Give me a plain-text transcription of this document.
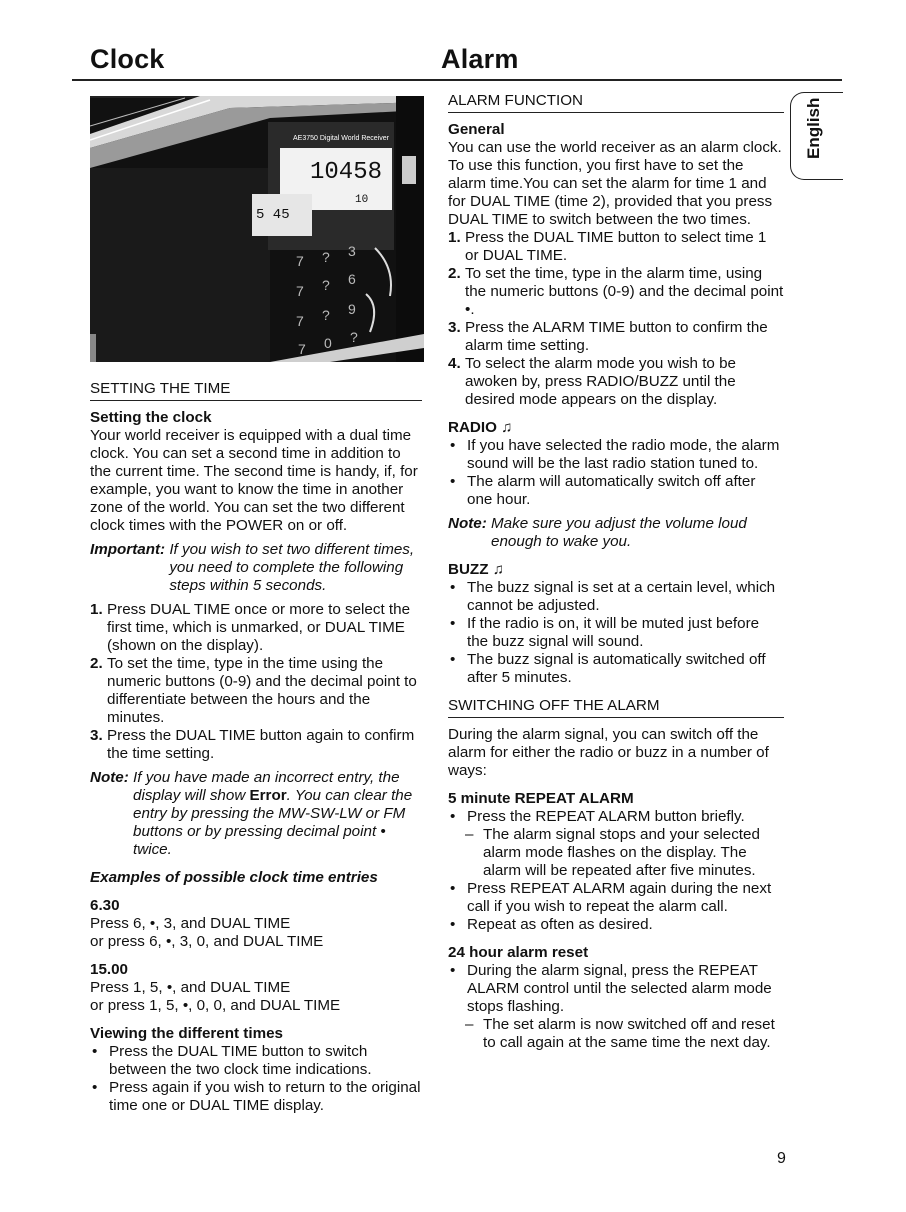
Clock	Alarm
English
AE3750 Digital World Receiver
10458
10
5 45
7 ? 3
7 ? 6
7 ? 9
7 0 ?
SETTING THE TIME

Setting the clock

Your world receiver is equipped with a dual time clock. You can set a second time in addition to the current time. The second time is handy, if, for example, you want to know the time in another zone of the world. You can set the two different clock times with the POWER on or off.

Important: If you wish to set two different times, you need to complete the following steps within 5 seconds.
1. Press DUAL TIME once or more to select the first time, which is unmarked, or DUAL TIME (shown on the display).
2. To set the time, type in the time using the numeric buttons (0-9) and the decimal point to differentiate between the hours and the minutes.
3. Press the DUAL TIME button again to confirm the time setting.
Note: If you have made an incorrect entry, the display will show Error. You can clear the entry by pressing the MW-SW-LW or FM buttons or by pressing decimal point • twice.

Examples of possible clock time entries

6.30

Press 6, •, 3, and DUAL TIME

or press 6, •, 3, 0, and DUAL TIME

15.00

Press 1, 5, •, and DUAL TIME

or press 1, 5, •, 0, 0, and DUAL TIME

Viewing the different times

• Press the DUAL TIME button to switch between the two clock time indications.
• Press again if you wish to return to the original time one or DUAL TIME display.
ALARM FUNCTION

General

You can use the world receiver as an alarm clock. To use this function, you first have to set the alarm time.You can set the alarm for time 1 and for DUAL TIME (time 2), provided that you press DUAL TIME to switch between the two times.

1. Press the DUAL TIME button to select time 1 or DUAL TIME.
2. To set the time, type in the alarm time, using the numeric buttons (0-9) and the decimal point •.
3. Press the ALARM TIME button to confirm the alarm time setting.
4. To select the alarm mode you wish to be awoken by, press RADIO/BUZZ until the desired mode appears on the display.

RADIO ♫

• If you have selected the radio mode, the alarm sound will be the last radio station tuned to.
• The alarm will automatically switch off after one hour.
Note: Make sure you adjust the volume loud enough to wake you.

BUZZ ♫

• The buzz signal is set at a certain level, which cannot be adjusted.
• If the radio is on, it will be muted just before the buzz signal will sound.
• The buzz signal is automatically switched off after 5 minutes.
SWITCHING OFF THE ALARM

During the alarm signal, you can switch off the alarm for either the radio or buzz in a number of ways:

5 minute REPEAT ALARM

• Press the REPEAT ALARM button briefly.
– The alarm signal stops and your selected alarm mode flashes on the display. The alarm will be repeated after five minutes.
• Press REPEAT ALARM again during the next call if you wish to repeat the alarm call.
• Repeat as often as desired.

24 hour alarm reset

• During the alarm signal, press the REPEAT ALARM control until the selected alarm mode stops flashing.
– The set alarm is now switched off and reset to call again at the same time the next day.
9
